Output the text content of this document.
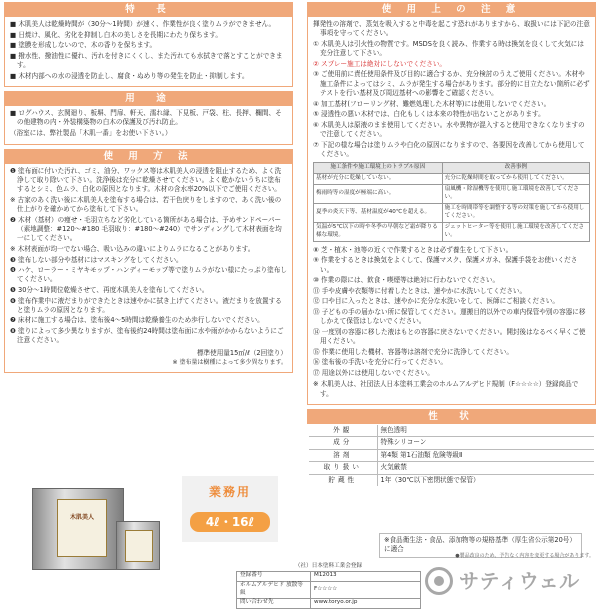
特　長
■ 木肌美人は乾燥時間が（30分〜1時間）が速く、作業性が良く塗りムラができません。
■ 日焼け、風化、劣化を抑制し白木の美しさを長期にわたり保ちます。
■ 塗膜を形成しないので、木の香りを保ちます。
■ 撥水性、撥油性に優れ、汚れを付きにくくし、また汚れても水拭きで落とすことができます。
■ 木材内部への水の浸透を防止し、腐食・ぬめり等の発生を防止・抑制します。
用　途
■ ログハウス、玄関廻り、板塀、門扉、軒天、濡れ縁、下見板、戸袋、柱、長押、欄間、その他建物の内・外装構築物の白木の保護及び汚れ防止。
（浴室には、弊社製品「木肌一番」をお使い下さい。）
使 用 方 法
❶ 塗布面に付いた汚れ、ゴミ、油分、ワックス等は木肌美人の浸透を阻止するため、よく洗浄して取り除いて下さい。洗浄後は充分に乾燥させてください。よく乾かないうちに塗布するとシミ、色ムラ、白化の原因となります。木材の含水率20%以下でご使用ください。
※ 古家のあく洗い後に木肌美人を塗布する場合は、若干色戻りをしますので、あく洗い後の仕上がりを確かめてから塗布して下さい。
❷ 木材（基材）の痩せ・毛羽立ちなど劣化している箇所がある場合は、予めサンドペーパー（素地調整：#120〜#180 毛羽取り：#180〜#240）でサンディングして木材表面を均一にしてください。
※ 木材表面が均一でない場合、吸い込みの違いによりムラになることがあります。
❸ 塗布しない部分や基材にはマスキングをしてください。
❹ ハケ、ローラー・ミヤキモップ・ハンディーモップ等で塗りムラがない様にたっぷり塗布してください。
❺ 30分〜1時間位乾燥させて、再度木肌美人を塗布してください。
❻ 塗布作業中に液だまりができたときは速やかに拭き上げてください。液だまりを放置すると塗りムラの原因となります。
❼ 床材に施工する場合は、塗布後4〜5時間は乾燥養生のため歩行しないでください。
❽ 塗りによって多少異なりますが、塗布後約24時間は塗布面に水や雨がかからないようにご注意ください。
標準使用量15㎡/ℓ（2回塗り）
※ 塗布量は樹種によって多少異なります。
使 用 上 の 注 意
揮発性の溶剤で、蒸気を吸入すると中毒を起こす恐れがありますから、取扱いには下記の注意事項を守ってください。
① 木肌美人は引火性の物質です。MSDSを良く読み、作業する時は換気を良くして火気には充分注意して下さい。
② スプレー施工は絶対にしないでください。
③ ご使用前に責任使用条件及び目的に適合するか、充分検討のうえご使用ください。木材や施工条件によってはシミ、ムラが発生する場合があります。部分的に目立たない箇所に必ずテストを行い基材及び周辺基材への影響をご確認ください。
④ 加工基材(フローリング材、難燃処理した木材等)には使用しないでください。
⑤ 浸透性の悪い木材では、白化もしくは本来の特性が出ないことがあります。
⑥ 木肌美人は原液のまま使用してください。水や異物が混入すると使用できなくなりますので注意してください。
⑦ 下記の様な場合は塗りムラや白化の原因になりますので、各要因を改善してから使用してください。
施工条件や施工環境上のトラブル原因	改善事例
基材が充分に乾燥していない。	充分に乾燥時間を取ってから使用してください。
梅雨時等の湿度が極端に高い。	扇風機・除湿機等を使用し施工環境を改善してください。
夏季の炎天下等、基材温度が40℃を超える。	施工を時間帯等を調整する等の対策を施してから使用してください。
気温が5℃以下の時や冬季の早朝など霜が降りる様な環境。	ジェットヒーター等を使用し施工環境を改善してください。
⑧ 芝・植木・池等の近くで作業するときは必ず養生をして下さい。
⑨ 作業をするときは換気をよくして、保護マスク、保護メガネ、保護手袋をお使いください。
⑩ 作業の際には、飲食・喫煙等は絶対に行わないでください。
⑪ 手や皮膚や衣類等に付着したときは、速やかに水洗いしてください。
⑫ 口や目に入ったときは、速やかに充分な水洗いをして、医師にご相談ください。
⑬ 子どもの手の届かない所に保管してください。運搬目的以外での車内保管や別の容器に移しかえて保管はしないでください。
⑭ 一度別の容器に移した液はもとの容器に戻さないでください。開封後はなるべく早くご使用ください。
⑮ 作業に使用した機材、容器等は溶剤で充分に洗浄してください。
⑯ 塗布後の手洗いを充分に行ってください。
⑰ 用途以外には使用しないでください。
※ 木肌美人は、社団法人日本塗料工業会のホルムアルデヒド規制（F☆☆☆☆）登録商品です。
性　状
外観	無色透明
成分	特殊シリコーン
溶剤	第4類 第1石油類 危険等級Ⅱ
取り扱い	火気厳禁
貯蔵性	1年（30℃以下密閉状態で保管）
※食品衛生法・食品、添加物等の規格基準（厚生省公示第20号）に適合
木肌美人
業務用
4ℓ・16ℓ
●製品改良のため、予告なく内容を変更する場合があります。
（社）日本塗料工業会登録
登録番号	M12013
ホルムアルデヒド 放散等級	F☆☆☆☆
問い合わせ先	www.toryo.or.jp
サティウェル
